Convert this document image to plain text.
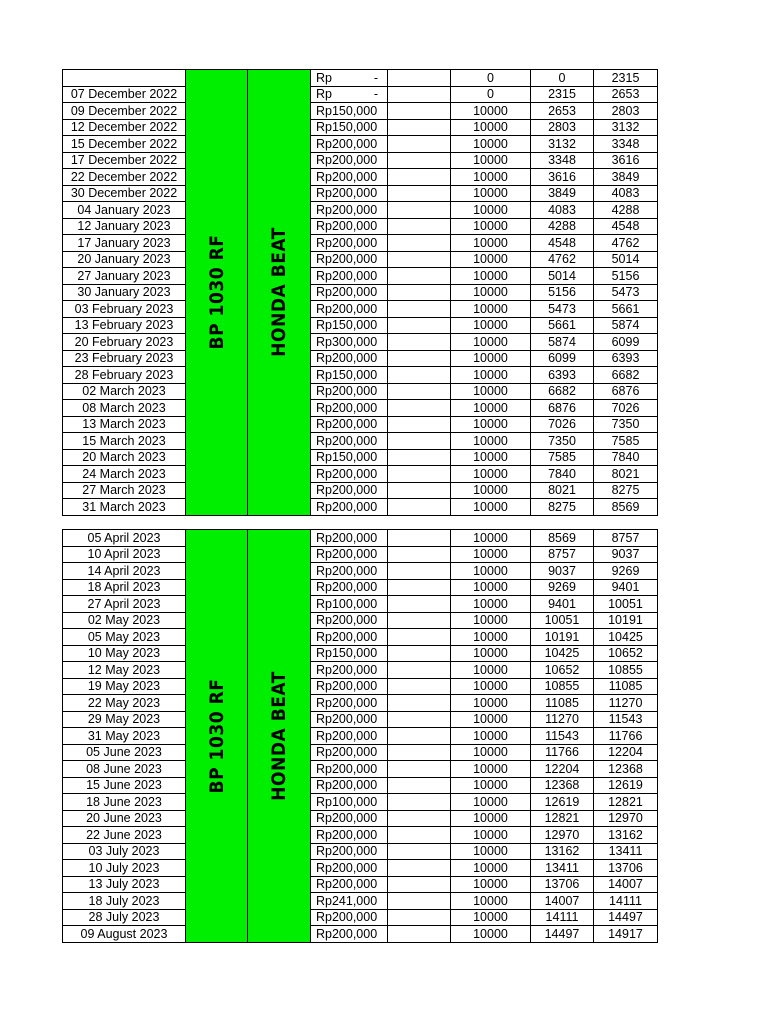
	BP 1030 RF	HONDA BEAT	Rp -		0	0	2315
07 December 2022			Rp -		0	2315	2653
09 December 2022			Rp150,000		10000	2653	2803
12 December 2022			Rp150,000		10000	2803	3132
15 December 2022			Rp200,000		10000	3132	3348
17 December 2022			Rp200,000		10000	3348	3616
22 December 2022			Rp200,000		10000	3616	3849
30 December 2022			Rp200,000		10000	3849	4083
04 January 2023			Rp200,000		10000	4083	4288
12 January 2023			Rp200,000		10000	4288	4548
17 January 2023			Rp200,000		10000	4548	4762
20 January 2023			Rp200,000		10000	4762	5014
27 January 2023			Rp200,000		10000	5014	5156
30 January 2023			Rp200,000		10000	5156	5473
03 February 2023			Rp200,000		10000	5473	5661
13 February 2023			Rp150,000		10000	5661	5874
20 February 2023			Rp300,000		10000	5874	6099
23 February 2023			Rp200,000		10000	6099	6393
28 February 2023			Rp150,000		10000	6393	6682
02 March 2023			Rp200,000		10000	6682	6876
08 March 2023			Rp200,000		10000	6876	7026
13 March 2023			Rp200,000		10000	7026	7350
15 March 2023			Rp200,000		10000	7350	7585
20 March 2023			Rp150,000		10000	7585	7840
24 March 2023			Rp200,000		10000	7840	8021
27 March 2023			Rp200,000		10000	8021	8275
31 March 2023			Rp200,000		10000	8275	8569
05 April 2023	BP 1030 RF	HONDA BEAT	Rp200,000		10000	8569	8757
10 April 2023			Rp200,000		10000	8757	9037
14 April 2023			Rp200,000		10000	9037	9269
18 April 2023			Rp200,000		10000	9269	9401
27 April 2023			Rp100,000		10000	9401	10051
02 May 2023			Rp200,000		10000	10051	10191
05 May 2023			Rp200,000		10000	10191	10425
10 May 2023			Rp150,000		10000	10425	10652
12 May 2023			Rp200,000		10000	10652	10855
19 May 2023			Rp200,000		10000	10855	11085
22 May 2023			Rp200,000		10000	11085	11270
29 May 2023			Rp200,000		10000	11270	11543
31 May 2023			Rp200,000		10000	11543	11766
05 June 2023			Rp200,000		10000	11766	12204
08 June 2023			Rp200,000		10000	12204	12368
15 June 2023			Rp200,000		10000	12368	12619
18 June 2023			Rp100,000		10000	12619	12821
20 June 2023			Rp200,000		10000	12821	12970
22 June 2023			Rp200,000		10000	12970	13162
03 July 2023			Rp200,000		10000	13162	13411
10 July 2023			Rp200,000		10000	13411	13706
13 July 2023			Rp200,000		10000	13706	14007
18 July 2023			Rp241,000		10000	14007	14111
28 July 2023			Rp200,000		10000	14111	14497
09 August 2023			Rp200,000		10000	14497	14917
